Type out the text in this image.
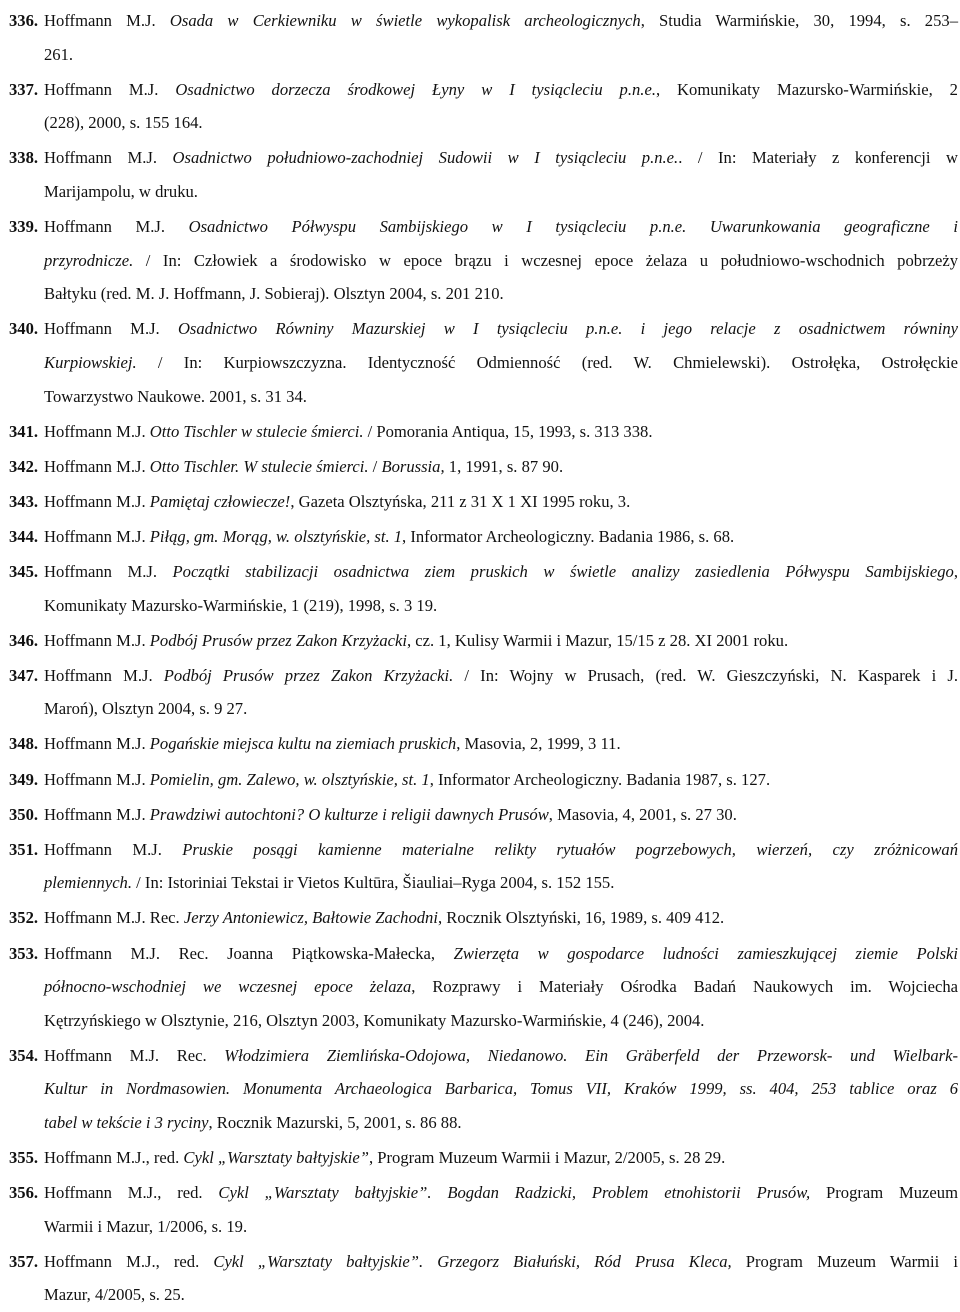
336. Hoffmann M.J. Osada w Cerkiewniku w świetle wykopalisk archeologicznych, Studia Warmińskie, 30, 1994, s. 253–
261.
337. Hoffmann M.J. Osadnictwo dorzecza środkowej Łyny w I tysiącleciu p.n.e., Komunikaty Mazursko-Warmińskie, 2
(228), 2000, s. 155 164.
338. Hoffmann M.J. Osadnictwo południowo-zachodniej Sudowii w I tysiącleciu p.n.e.. / In: Materiały z konferencji w
Marijampolu, w druku.
339. Hoffmann M.J. Osadnictwo Półwyspu Sambijskiego w I tysiącleciu p.n.e. Uwarunkowania geograficzne i
przyrodnicze. / In: Człowiek a środowisko w epoce brązu i wczesnej epoce żelaza u południowo-wschodnich pobrzeży
Bałtyku (red. M. J. Hoffmann, J. Sobieraj). Olsztyn 2004, s. 201 210.
340. Hoffmann M.J. Osadnictwo Równiny Mazurskiej w I tysiącleciu p.n.e. i jego relacje z osadnictwem równiny
Kurpiowskiej. / In: Kurpiowszczyzna. Identyczność Odmienność (red. W. Chmielewski). Ostrołęka, Ostrołęckie
Towarzystwo Naukowe. 2001, s. 31 34.
341. Hoffmann M.J. Otto Tischler w stulecie śmierci. / Pomorania Antiqua, 15, 1993, s. 313 338.
342. Hoffmann M.J. Otto Tischler. W stulecie śmierci. / Borussia, 1, 1991, s. 87 90.
343. Hoffmann M.J. Pamiętaj człowiecze!, Gazeta Olsztyńska, 211 z 31 X 1 XI 1995 roku, 3.
344. Hoffmann M.J. Piłąg, gm. Morąg, w. olsztyńskie, st. 1, Informator Archeologiczny. Badania 1986, s. 68.
345. Hoffmann M.J. Początki stabilizacji osadnictwa ziem pruskich w świetle analizy zasiedlenia Półwyspu Sambijskiego,
Komunikaty Mazursko-Warmińskie, 1 (219), 1998, s. 3 19.
346. Hoffmann M.J. Podbój Prusów przez Zakon Krzyżacki, cz. 1, Kulisy Warmii i Mazur, 15/15 z 28. XI 2001 roku.
347. Hoffmann M.J. Podbój Prusów przez Zakon Krzyżacki. / In: Wojny w Prusach, (red. W. Gieszczyński, N. Kasparek i J.
Maroń), Olsztyn 2004, s. 9 27.
348. Hoffmann M.J. Pogańskie miejsca kultu na ziemiach pruskich, Masovia, 2, 1999, 3 11.
349. Hoffmann M.J. Pomielin, gm. Zalewo, w. olsztyńskie, st. 1, Informator Archeologiczny. Badania 1987, s. 127.
350. Hoffmann M.J. Prawdziwi autochtoni? O kulturze i religii dawnych Prusów, Masovia, 4, 2001, s. 27 30.
351. Hoffmann M.J. Pruskie posągi kamienne materialne relikty rytuałów pogrzebowych, wierzeń, czy zróżnicowań
plemiennych. / In: Istoriniai Tekstai ir Vietos Kultūra, Šiauliai–Ryga 2004, s. 152 155.
352. Hoffmann M.J. Rec. Jerzy Antoniewicz, Bałtowie Zachodni, Rocznik Olsztyński, 16, 1989, s. 409 412.
353. Hoffmann M.J. Rec. Joanna Piątkowska-Małecka, Zwierzęta w gospodarce ludności zamieszkującej ziemie Polski
północno-wschodniej we wczesnej epoce żelaza, Rozprawy i Materiały Ośrodka Badań Naukowych im. Wojciecha
Kętrzyńskiego w Olsztynie, 216, Olsztyn 2003, Komunikaty Mazursko-Warmińskie, 4 (246), 2004.
354. Hoffmann M.J. Rec. Włodzimiera Ziemlińska-Odojowa, Niedanowo. Ein Gräberfeld der Przeworsk- und Wielbark-
Kultur in Nordmasowien. Monumenta Archaeologica Barbarica, Tomus VII, Kraków 1999, ss. 404, 253 tablice oraz 6
tabel w tekście i 3 ryciny, Rocznik Mazurski, 5, 2001, s. 86 88.
355. Hoffmann M.J., red. Cykl „Warsztaty bałtyjskie”, Program Muzeum Warmii i Mazur, 2/2005, s. 28 29.
356. Hoffmann M.J., red. Cykl „Warsztaty bałtyjskie”. Bogdan Radzicki, Problem etnohistorii Prusów, Program Muzeum
Warmii i Mazur, 1/2006, s. 19.
357. Hoffmann M.J., red. Cykl „Warsztaty bałtyjskie”. Grzegorz Białuński, Ród Prusa Kleca, Program Muzeum Warmii i
Mazur, 4/2005, s. 25.
